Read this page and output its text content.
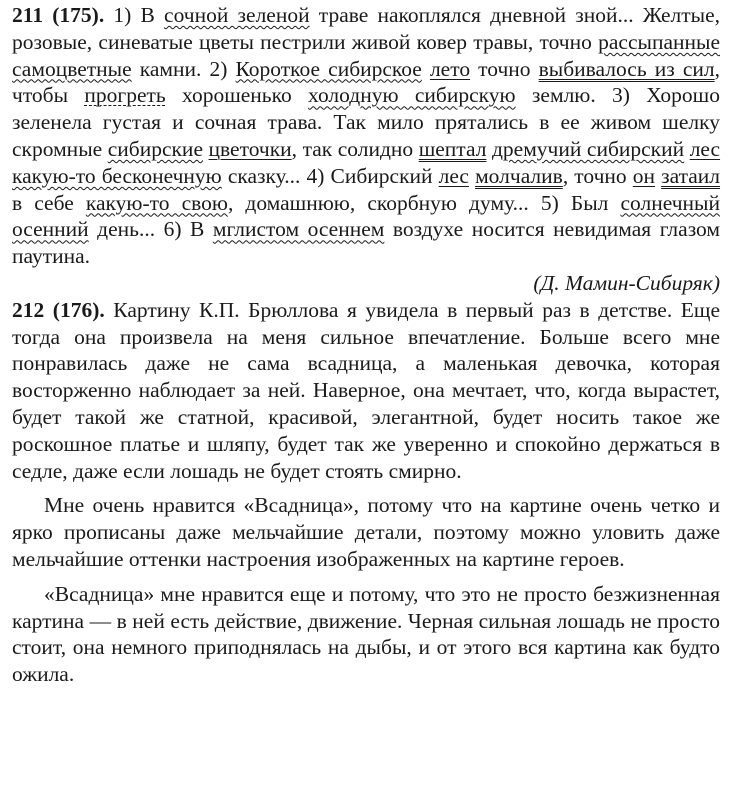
211 (175). 1) В сочной зеленой траве накоплялся дневной зной... Желтые, розовые, синеватые цветы пестрили живой ковер травы, точно рассыпанные самоцветные камни. 2) Короткое сибирское лето точно выбивалось из сил, чтобы прогреть хорошенько холодную сибирскую землю. 3) Хорошо зеленела густая и сочная трава. Так мило прятались в ее живом шелку скромные сибирские цветочки, так солидно шептал дремучий сибирский лес какую-то бесконечную сказку... 4) Сибирский лес молчалив, точно он затаил в себе какую-то свою, домашнюю, скорбную думу... 5) Был солнечный осенний день... 6) В мглистом осеннем воздухе носится невидимая глазом паутина.

(Д. Мамин-Сибиряк)

212 (176). Картину К.П. Брюллова я увидела в первый раз в детстве. Еще тогда она произвела на меня сильное впечатление. Больше всего мне понравилась даже не сама всадница, а маленькая девочка, которая восторженно наблюдает за ней. Наверное, она мечтает, что, когда вырастет, будет такой же статной, красивой, элегантной, будет носить такое же роскошное платье и шляпу, будет так же уверенно и спокойно держаться в седле, даже если лошадь не будет стоять смирно.

Мне очень нравится «Всадница», потому что на картине очень четко и ярко прописаны даже мельчайшие детали, поэтому можно уловить даже мельчайшие оттенки настроения изображенных на картине героев.

«Всадница» мне нравится еще и потому, что это не просто безжизненная картина — в ней есть действие, движение. Черная сильная лошадь не просто стоит, она немного приподнялась на дыбы, и от этого вся картина как будто ожила.
